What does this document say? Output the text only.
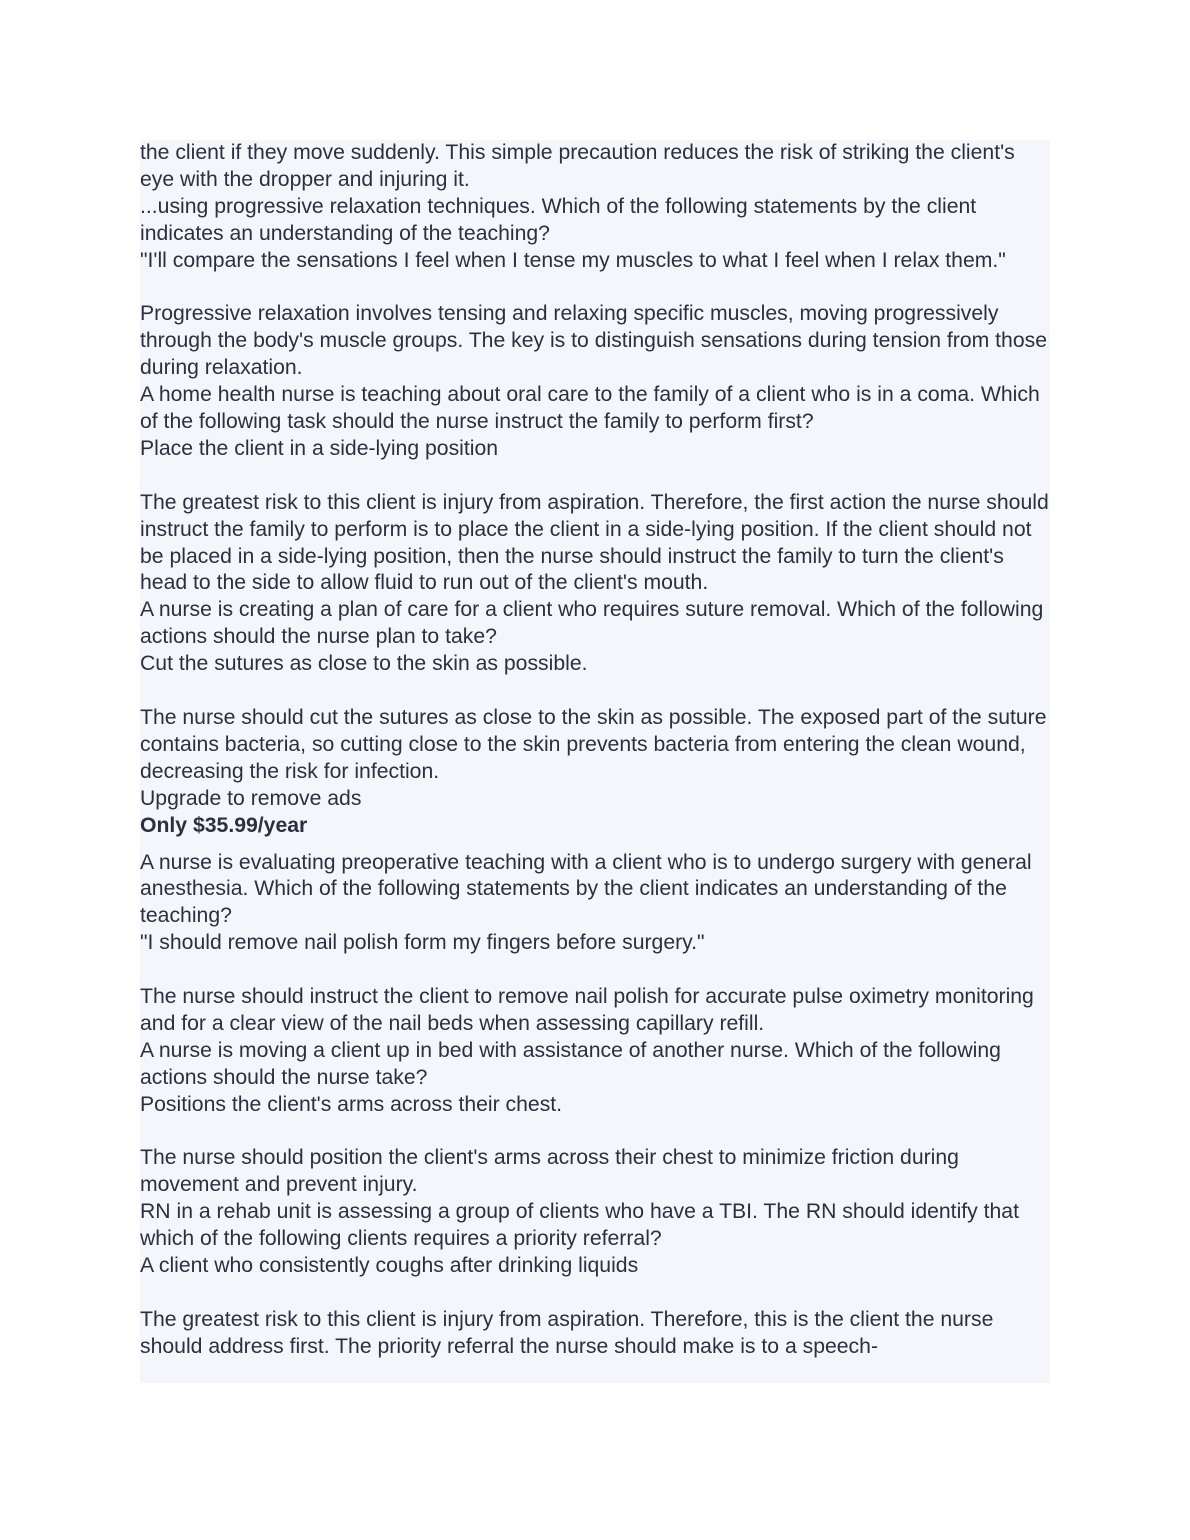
the client if they move suddenly. This simple precaution reduces the risk of striking the client's eye with the dropper and injuring it.
...using progressive relaxation techniques. Which of the following statements by the client indicates an understanding of the teaching?
"I'll compare the sensations I feel when I tense my muscles to what I feel when I relax them."
Progressive relaxation involves tensing and relaxing specific muscles, moving progressively through the body's muscle groups. The key is to distinguish sensations during tension from those during relaxation.
A home health nurse is teaching about oral care to the family of a client who is in a coma. Which of the following task should the nurse instruct the family to perform first?
Place the client in a side-lying position
The greatest risk to this client is injury from aspiration. Therefore, the first action the nurse should instruct the family to perform is to place the client in a side-lying position. If the client should not be placed in a side-lying position, then the nurse should instruct the family to turn the client's head to the side to allow fluid to run out of the client's mouth.
A nurse is creating a plan of care for a client who requires suture removal. Which of the following actions should the nurse plan to take?
Cut the sutures as close to the skin as possible.
The nurse should cut the sutures as close to the skin as possible. The exposed part of the suture contains bacteria, so cutting close to the skin prevents bacteria from entering the clean wound, decreasing the risk for infection.
Upgrade to remove ads
Only $35.99/year
A nurse is evaluating preoperative teaching with a client who is to undergo surgery with general anesthesia. Which of the following statements by the client indicates an understanding of the teaching?
"I should remove nail polish form my fingers before surgery."
The nurse should instruct the client to remove nail polish for accurate pulse oximetry monitoring and for a clear view of the nail beds when assessing capillary refill.
A nurse is moving a client up in bed with assistance of another nurse. Which of the following actions should the nurse take?
Positions the client's arms across their chest.
The nurse should position the client's arms across their chest to minimize friction during movement and prevent injury.
RN in a rehab unit is assessing a group of clients who have a TBI. The RN should identify that which of the following clients requires a priority referral?
A client who consistently coughs after drinking liquids
The greatest risk to this client is injury from aspiration. Therefore, this is the client the nurse should address first. The priority referral the nurse should make is to a speech-
